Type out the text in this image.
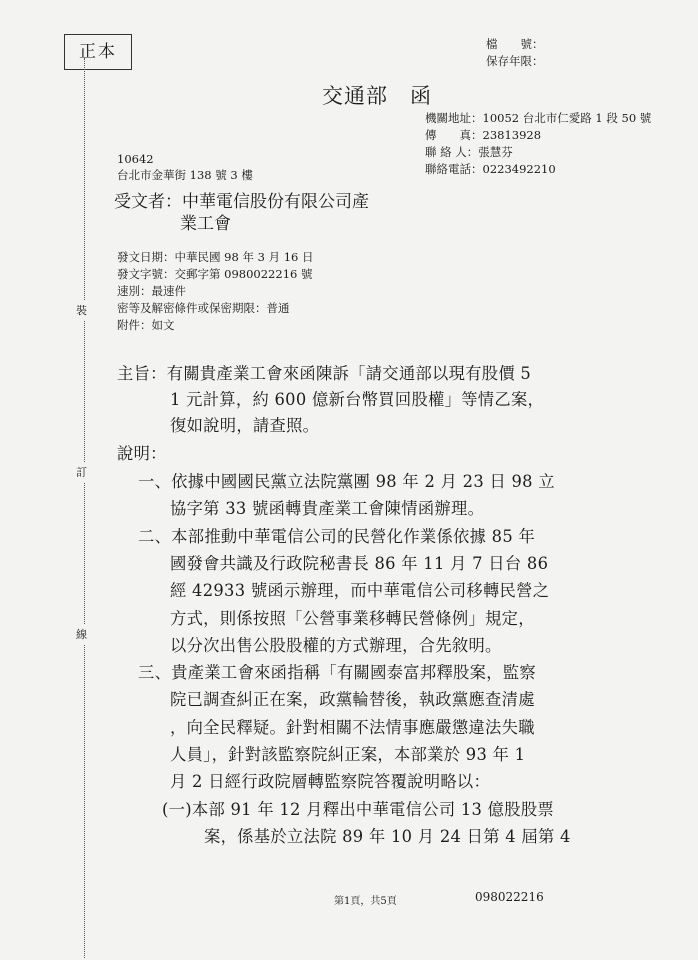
正本	檔　　號：
保存年限：
交通部　函
機關地址：10052 台北市仁愛路 1 段 50 號
傳　　真：23813928
聯 絡 人：張慧芬
聯絡電話：0223492210
10642
台北市金華街 138 號 3 樓
受文者：中華電信股份有限公司產
業工會
發文日期：中華民國 98 年 3 月 16 日
發文字號：交郵字第 0980022216 號
速別：最速件
密等及解密條件或保密期限：普通
附件：如文
裝
訂
線
主旨：有關貴產業工會來函陳訴「請交通部以現有股價 5
1 元計算，約 600 億新台幣買回股權」等情乙案，
復如說明，請查照。
說明：
一、依據中國國民黨立法院黨團 98 年 2 月 23 日 98 立
協字第 33 號函轉貴產業工會陳情函辦理。
二、本部推動中華電信公司的民營化作業係依據 85 年
國發會共識及行政院秘書長 86 年 11 月 7 日台 86
經 42933 號函示辦理，而中華電信公司移轉民營之
方式，則係按照「公營事業移轉民營條例」規定，
以分次出售公股股權的方式辦理，合先敘明。
三、貴產業工會來函指稱「有關國泰富邦釋股案，監察
院已調查糾正在案，政黨輪替後，執政黨應查清處
，向全民釋疑。針對相關不法情事應嚴懲違法失職
人員」，針對該監察院糾正案，本部業於 93 年 1
月 2 日經行政院層轉監察院答覆說明略以：
(一)本部 91 年 12 月釋出中華電信公司 13 億股股票
案，係基於立法院 89 年 10 月 24 日第 4 屆第 4
第1頁，共5頁	098022216
